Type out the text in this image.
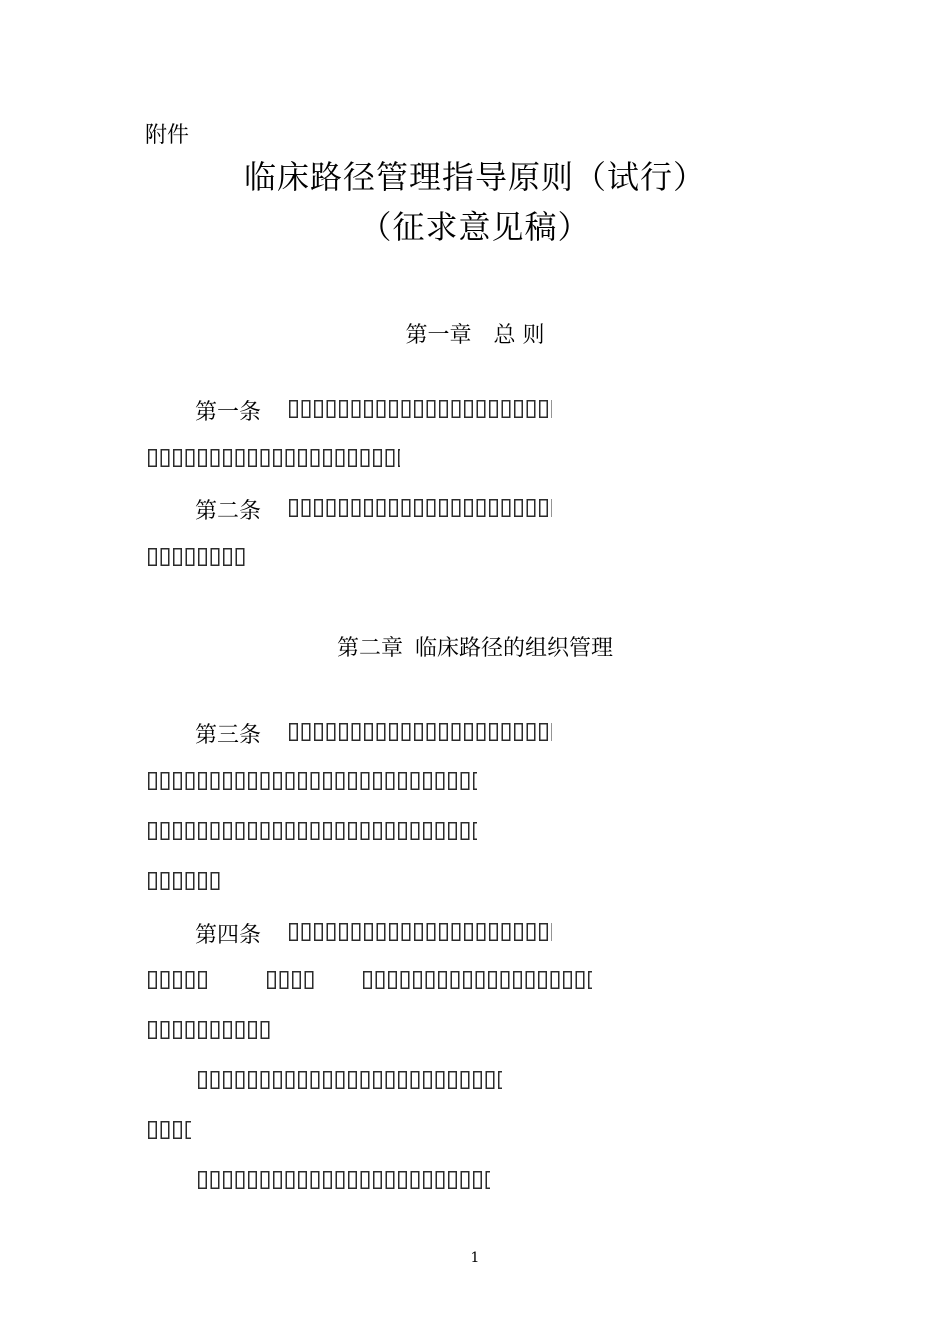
附件
临床路径管理指导原则（试行）
（征求意见稿）
第一章 总 则
第一条
第二条
第二章 临床路径的组织管理
第三条
第四条
1
